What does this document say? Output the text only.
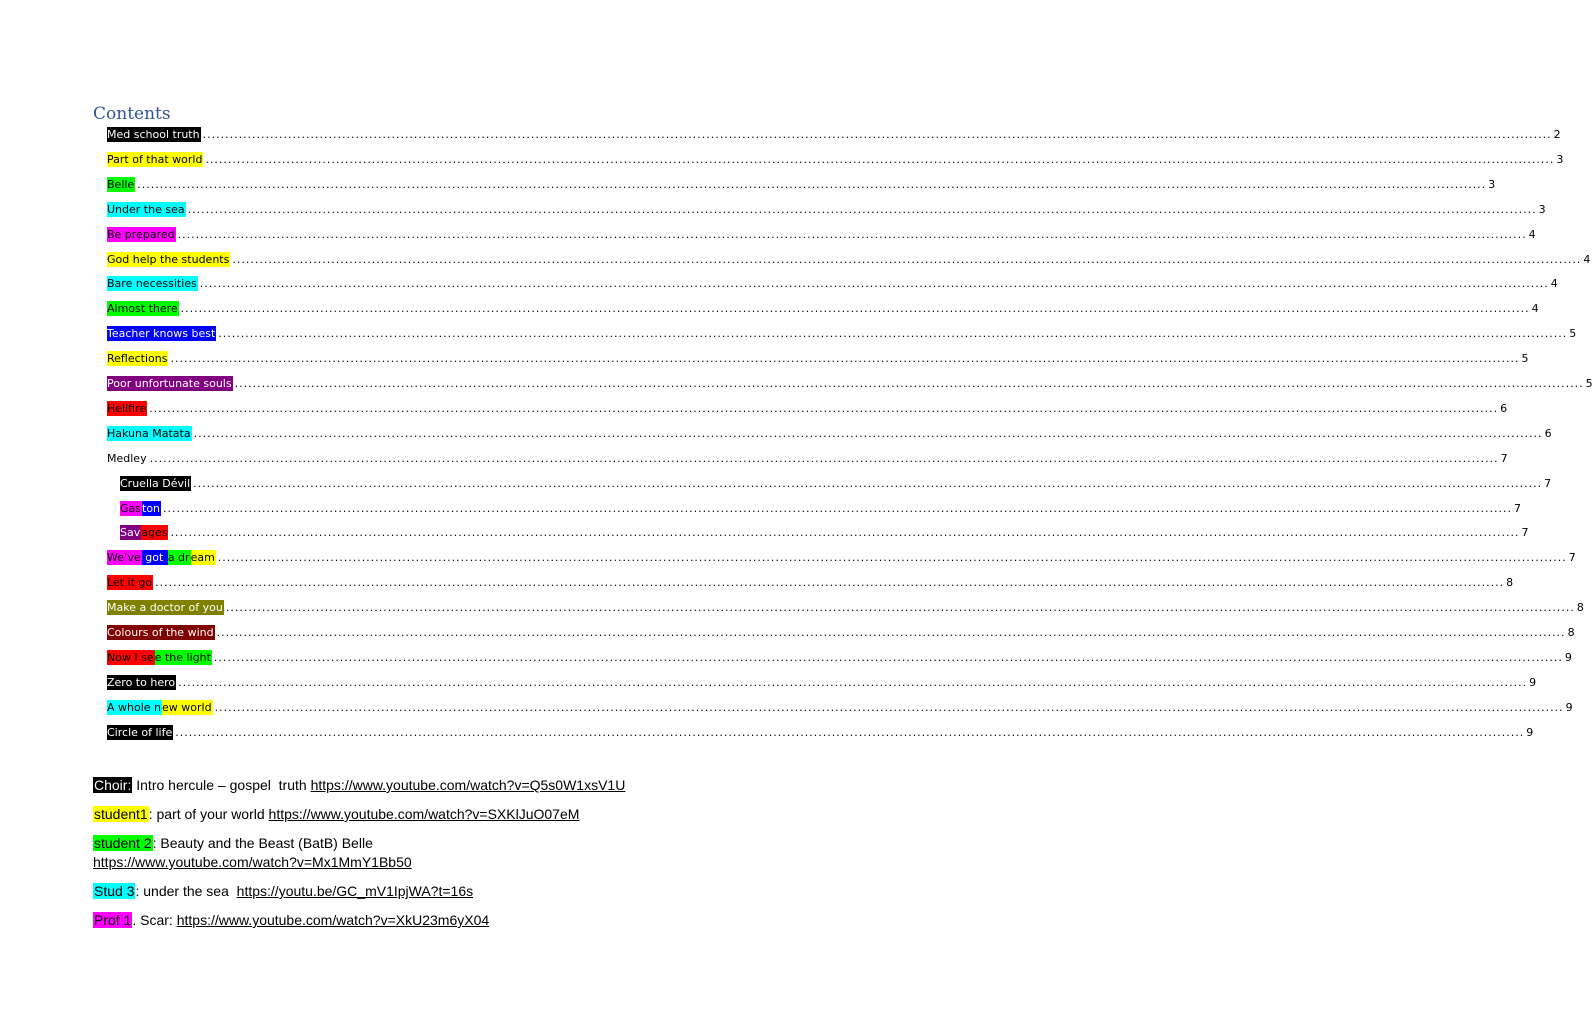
Contents
Med school truth ............................................................................................................................................................................................................................................................................................................ 2
Part of that world ............................................................................................................................................................................................................................................................................................................ 3
Belle ............................................................................................................................................................................................................................................................................................................ 3
Under the sea ............................................................................................................................................................................................................................................................................................................ 3
Be prepared ............................................................................................................................................................................................................................................................................................................ 4
God help the students ............................................................................................................................................................................................................................................................................................................ 4
Bare necessities ............................................................................................................................................................................................................................................................................................................ 4
Almost there ............................................................................................................................................................................................................................................................................................................ 4
Teacher knows best ............................................................................................................................................................................................................................................................................................................ 5
Reflections ............................................................................................................................................................................................................................................................................................................ 5
Poor unfortunate souls ............................................................................................................................................................................................................................................................................................................ 5
Hellfire ............................................................................................................................................................................................................................................................................................................ 6
Hakuna Matata ............................................................................................................................................................................................................................................................................................................ 6
Medley ............................................................................................................................................................................................................................................................................................................ 7
Cruella Dévil ............................................................................................................................................................................................................................................................................................................ 7
Gas ton ............................................................................................................................................................................................................................................................................................................ 7
Sav ages ............................................................................................................................................................................................................................................................................................................ 7
We’ve got a dr eam ............................................................................................................................................................................................................................................................................................................ 7
Let it go ............................................................................................................................................................................................................................................................................................................ 8
Make a doctor of you ............................................................................................................................................................................................................................................................................................................ 8
Colours of the wind ............................................................................................................................................................................................................................................................................................................ 8
Now I se e the light ............................................................................................................................................................................................................................................................................................................ 9
Zero to hero ............................................................................................................................................................................................................................................................................................................ 9
A whole n ew world ............................................................................................................................................................................................................................................................................................................ 9
Circle of life ............................................................................................................................................................................................................................................................................................................ 9
Choir: Intro hercule – gospel  truth https://www.youtube.com/watch?v=Q5s0W1xsV1U
student1: part of your world https://www.youtube.com/watch?v=SXKlJuO07eM
student 2: Beauty and the Beast (BatB) Belle
https://www.youtube.com/watch?v=Mx1MmY1Bb50
Stud 3: under the sea  https://youtu.be/GC_mV1IpjWA?t=16s
Prof 1. Scar: https://www.youtube.com/watch?v=XkU23m6yX04
